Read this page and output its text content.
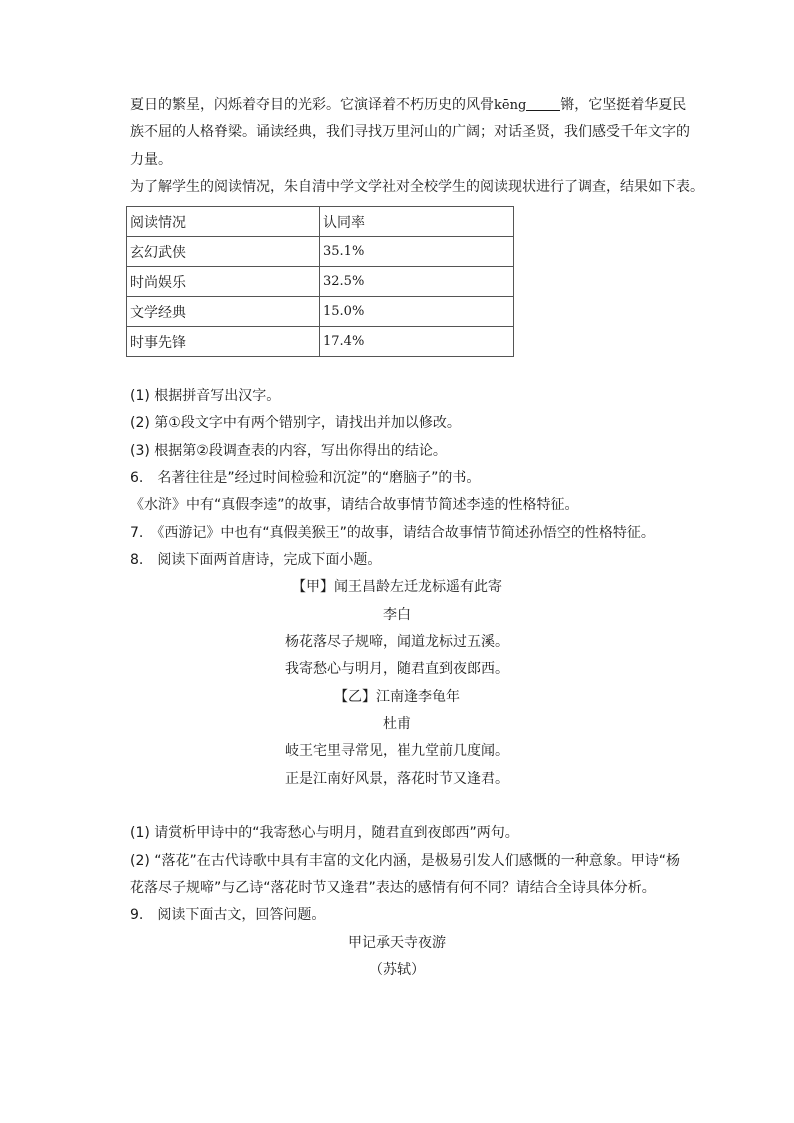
夏日的繁星，闪烁着夺目的光彩。它演译着不朽历史的风骨kēng 锵，它坚挺着华夏民
族不屈的人格脊梁。诵读经典，我们寻找万里河山的广阔；对话圣贤，我们感受千年文字的
力量。
为了解学生的阅读情况，朱自清中学文学社对全校学生的阅读现状进行了调查，结果如下表。
阅读情况	认同率
玄幻武侠	35.1%
时尚娱乐	32.5%
文学经典	15.0%
时事先锋	17.4%
(1) 根据拼音写出汉字。
(2) 第①段文字中有两个错别字，请找出并加以修改。
(3) 根据第②段调查表的内容，写出你得出的结论。
6.　名著往往是”经过时间检验和沉淀”的“磨脑子”的书。
《水浒》中有“真假李逵”的故事，请结合故事情节简述李逵的性格特征。
7.　《西游记》中也有“真假美猴王”的故事，请结合故事情节简述孙悟空的性格特征。
8.　阅读下面两首唐诗，完成下面小题。
【甲】闻王昌龄左迁龙标遥有此寄
李白
杨花落尽子规啼，闻道龙标过五溪。
我寄愁心与明月，随君直到夜郎西。
【乙】江南逢李龟年
杜甫
岐王宅里寻常见，崔九堂前几度闻。
正是江南好风景，落花时节又逢君。
(1) 请赏析甲诗中的“我寄愁心与明月，随君直到夜郎西”两句。
(2) “落花”在古代诗歌中具有丰富的文化内涵，是极易引发人们感慨的一种意象。甲诗“杨
花落尽子规啼”与乙诗“落花时节又逢君”表达的感情有何不同？请结合全诗具体分析。
9.　阅读下面古文，回答问题。
甲记承天寺夜游
（苏轼）
